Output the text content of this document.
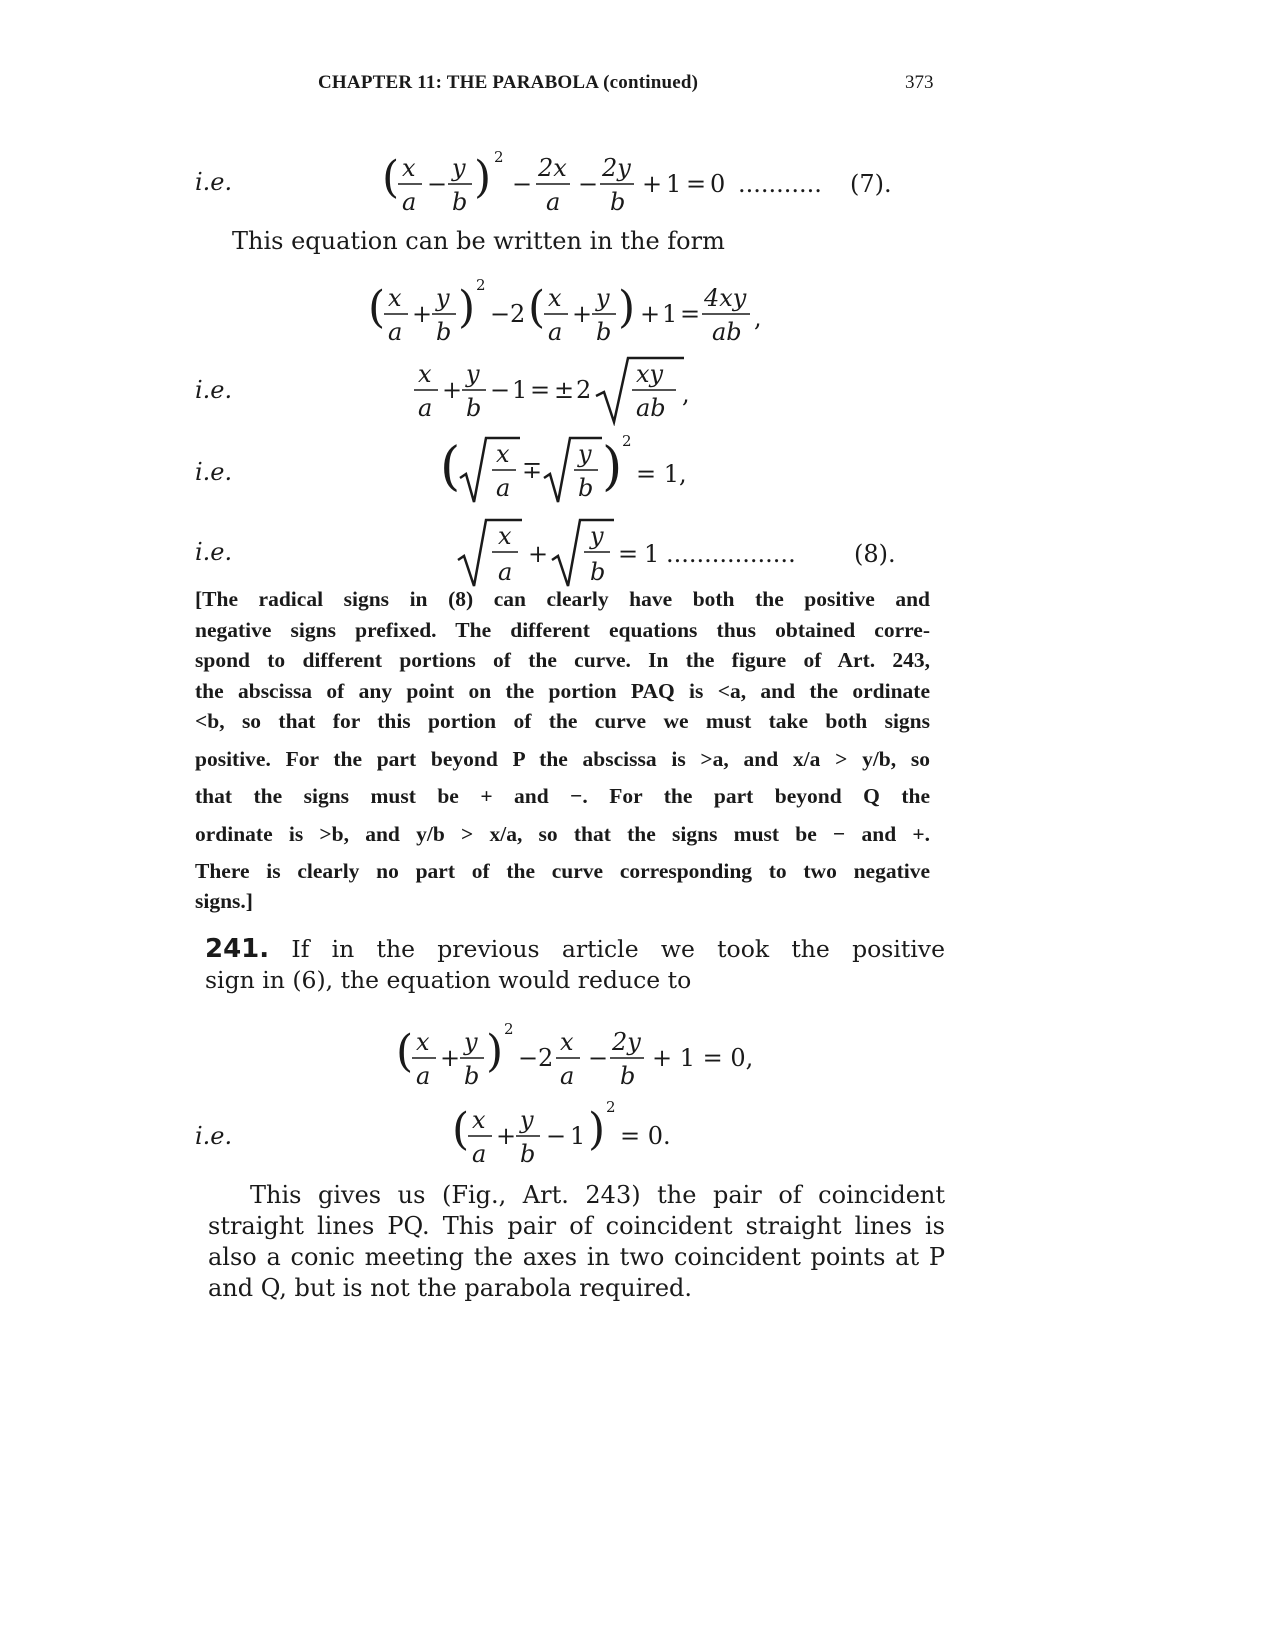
CHAPTER 11: THE PARABOLA (continued)	373
i.e.	( x
a
−
y
b ) 2
−
2x
a
−
2y
b
+ 1 = 0 ........... (7).
This equation can be written in the form
( x
a
+
y
b ) 2
− 2 ( x
a
+
y
b ) + 1 =
4xy
ab ,
i.e.
x
a
+
y
b
− 1 = ± 2
xy
ab ,
i.e.	( x
a
∓
y
b ) 2
= 1,
i.e.
x
a
+
y
b
= 1 ................. (8).
[The radical signs in (8) can clearly have both the positive and
negative signs prefixed. The different equations thus obtained corre-
spond to different portions of the curve. In the figure of Art. 243,
the abscissa of any point on the portion PAQ is <a, and the ordinate
<b, so that for this portion of the curve we must take both signs
positive. For the part beyond P the abscissa is >a, and x/a > y/b, so
that the signs must be + and −. For the part beyond Q the
ordinate is >b, and y/b > x/a, so that the signs must be − and +.
There is clearly no part of the curve corresponding to two negative
signs.]
241. If in the previous article we took the positive
sign in (6), the equation would reduce to
( x
a
+
y
b ) 2
− 2
x
a
−
2y
b
+ 1 = 0,
i.e.	( x
a
+
y
b
− 1 ) 2
= 0.
This gives us (Fig., Art. 243) the pair of coincident
straight lines PQ. This pair of coincident straight lines is
also a conic meeting the axes in two coincident points at P
and Q, but is not the parabola required.
